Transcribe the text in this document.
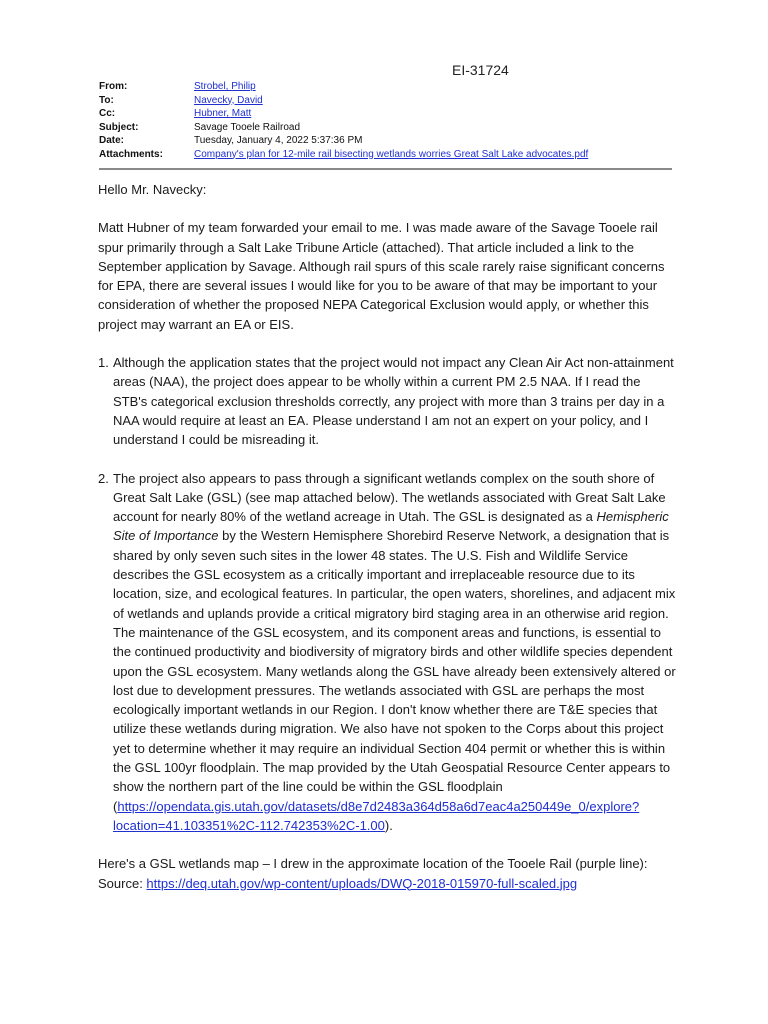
EI-31724
From:	Strobel, Philip
To:	Navecky, David
Cc:	Hubner, Matt
Subject:	Savage Tooele Railroad
Date:	Tuesday, January 4, 2022 5:37:36 PM
Attachments:	Company's plan for 12-mile rail bisecting wetlands worries Great Salt Lake advocates.pdf

Hello Mr. Navecky:

Matt Hubner of my team forwarded your email to me. I was made aware of the Savage Tooele rail spur primarily through a Salt Lake Tribune Article (attached). That article included a link to the September application by Savage. Although rail spurs of this scale rarely raise significant concerns for EPA, there are several issues I would like for you to be aware of that may be important to your consideration of whether the proposed NEPA Categorical Exclusion would apply, or whether this project may warrant an EA or EIS.

1. Although the application states that the project would not impact any Clean Air Act non-attainment areas (NAA), the project does appear to be wholly within a current PM 2.5 NAA. If I read the STB's categorical exclusion thresholds correctly, any project with more than 3 trains per day in a NAA would require at least an EA. Please understand I am not an expert on your policy, and I understand I could be misreading it.
2. The project also appears to pass through a significant wetlands complex on the south shore of Great Salt Lake (GSL) (see map attached below). The wetlands associated with Great Salt Lake account for nearly 80% of the wetland acreage in Utah. The GSL is designated as a Hemispheric Site of Importance by the Western Hemisphere Shorebird Reserve Network, a designation that is shared by only seven such sites in the lower 48 states. The U.S. Fish and Wildlife Service describes the GSL ecosystem as a critically important and irreplaceable resource due to its location, size, and ecological features. In particular, the open waters, shorelines, and adjacent mix of wetlands and uplands provide a critical migratory bird staging area in an otherwise arid region. The maintenance of the GSL ecosystem, and its component areas and functions, is essential to the continued productivity and biodiversity of migratory birds and other wildlife species dependent upon the GSL ecosystem. Many wetlands along the GSL have already been extensively altered or lost due to development pressures. The wetlands associated with GSL are perhaps the most ecologically important wetlands in our Region. I don't know whether there are T&E species that utilize these wetlands during migration. We also have not spoken to the Corps about this project yet to determine whether it may require an individual Section 404 permit or whether this is within the GSL 100yr floodplain. The map provided by the Utah Geospatial Resource Center appears to show the northern part of the line could be within the GSL floodplain (https://opendata.gis.utah.gov/datasets/d8e7d2483a364d58a6d7eac4a250449e_0/explore?location=41.103351%2C-112.742353%2C-1.00).
Here's a GSL wetlands map – I drew in the approximate location of the Tooele Rail (purple line):
Source: https://deq.utah.gov/wp-content/uploads/DWQ-2018-015970-full-scaled.jpg
